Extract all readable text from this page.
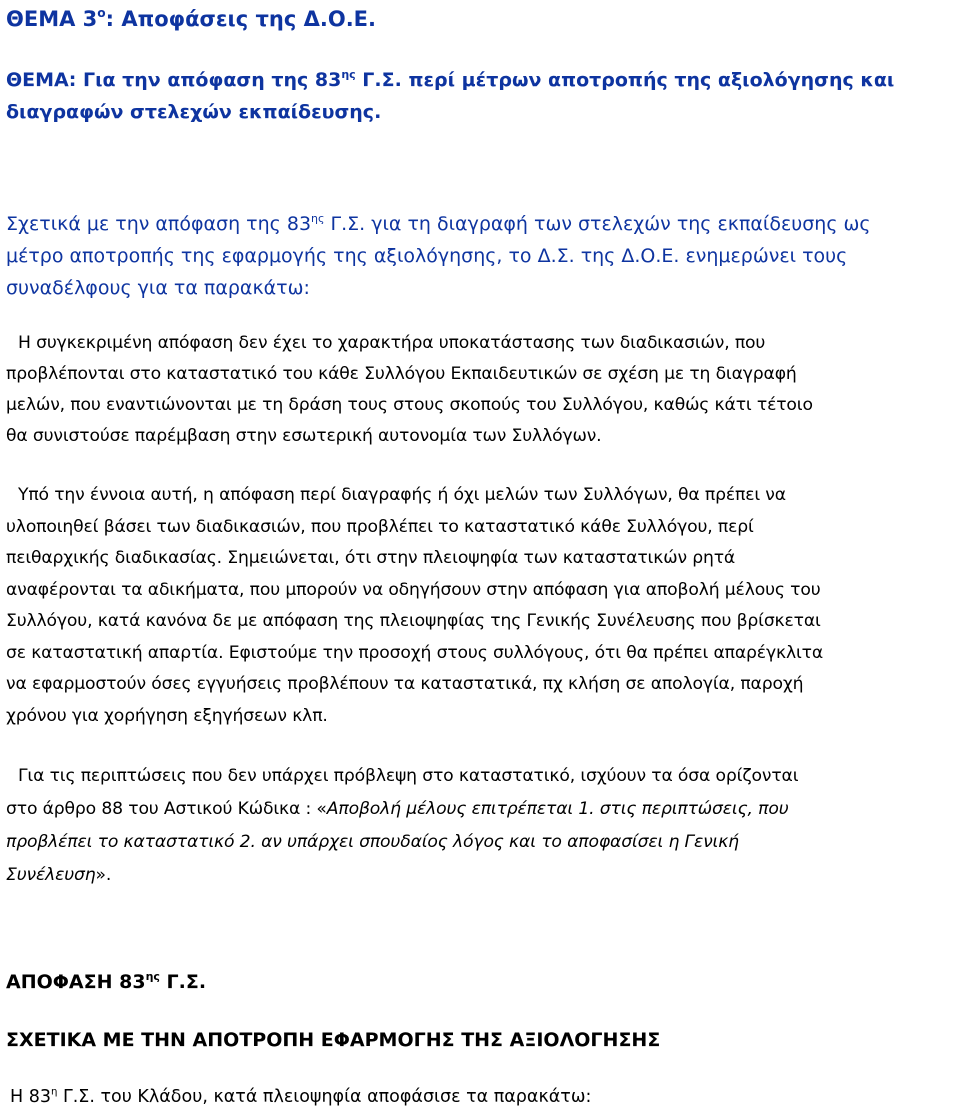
ΘΕΜΑ $3^o$: Αποφάσεις της Δ.Ο.Ε.
ΘΕΜΑ: Για την απόφαση της $83^{\eta\varsigma}$ Γ.Σ. περί μέτρων αποτροπής της αξιολόγησης και
διαγραφών στελεχών εκπαίδευσης.
Σχετικά με την απόφαση της $83^{\eta\varsigma}$ Γ.Σ. για τη διαγραφή των στελεχών της εκπαίδευσης ως
μέτρο αποτροπής της εφαρμογής της αξιολόγησης, το Δ.Σ. της Δ.Ο.Ε. ενημερώνει τους
συναδέλφους για τα παρακάτω:
Η συγκεκριμένη απόφαση δεν έχει το χαρακτήρα υποκατάστασης των διαδικασιών, που
προβλέπονται στο καταστατικό του κάθε Συλλόγου Εκπαιδευτικών σε σχέση με τη διαγραφή
μελών, που εναντιώνονται με τη δράση τους στους σκοπούς του Συλλόγου, καθώς κάτι τέτοιο
θα συνιστούσε παρέμβαση στην εσωτερική αυτονομία των Συλλόγων.
Υπό την έννοια αυτή, η απόφαση περί διαγραφής ή όχι μελών των Συλλόγων, θα πρέπει να
υλοποιηθεί βάσει των διαδικασιών, που προβλέπει το καταστατικό κάθε Συλλόγου, περί
πειθαρχικής διαδικασίας. Σημειώνεται, ότι στην πλειοψηφία των καταστατικών ρητά
αναφέρονται τα αδικήματα, που μπορούν να οδηγήσουν στην απόφαση για αποβολή μέλους του
Συλλόγου, κατά κανόνα δε με απόφαση της πλειοψηφίας της Γενικής Συνέλευσης που βρίσκεται
σε καταστατική απαρτία. Εφιστούμε την προσοχή στους συλλόγους, ότι θα πρέπει απαρέγκλιτα
να εφαρμοστούν όσες εγγυήσεις προβλέπουν τα καταστατικά, πχ κλήση σε απολογία, παροχή
χρόνου για χορήγηση εξηγήσεων κλπ.
Για τις περιπτώσεις που δεν υπάρχει πρόβλεψη στο καταστατικό, ισχύουν τα όσα ορίζονται
στο άρθρο 88 του Αστικού Κώδικα : «Αποβολή μέλους επιτρέπεται 1. στις περιπτώσεις, που
προβλέπει το καταστατικό 2. αν υπάρχει σπουδαίος λόγος και το αποφασίσει η Γενική
Συνέλευση».
ΑΠΟΦΑΣΗ $83^{\eta\varsigma}$ Γ.Σ.
ΣΧΕΤΙΚΑ ΜΕ ΤΗΝ ΑΠΟΤΡΟΠΗ ΕΦΑΡΜΟΓΗΣ ΤΗΣ ΑΞΙΟΛΟΓΗΣΗΣ
Η $83^\eta$ Γ.Σ. του Κλάδου, κατά πλειοψηφία αποφάσισε τα παρακάτω:
